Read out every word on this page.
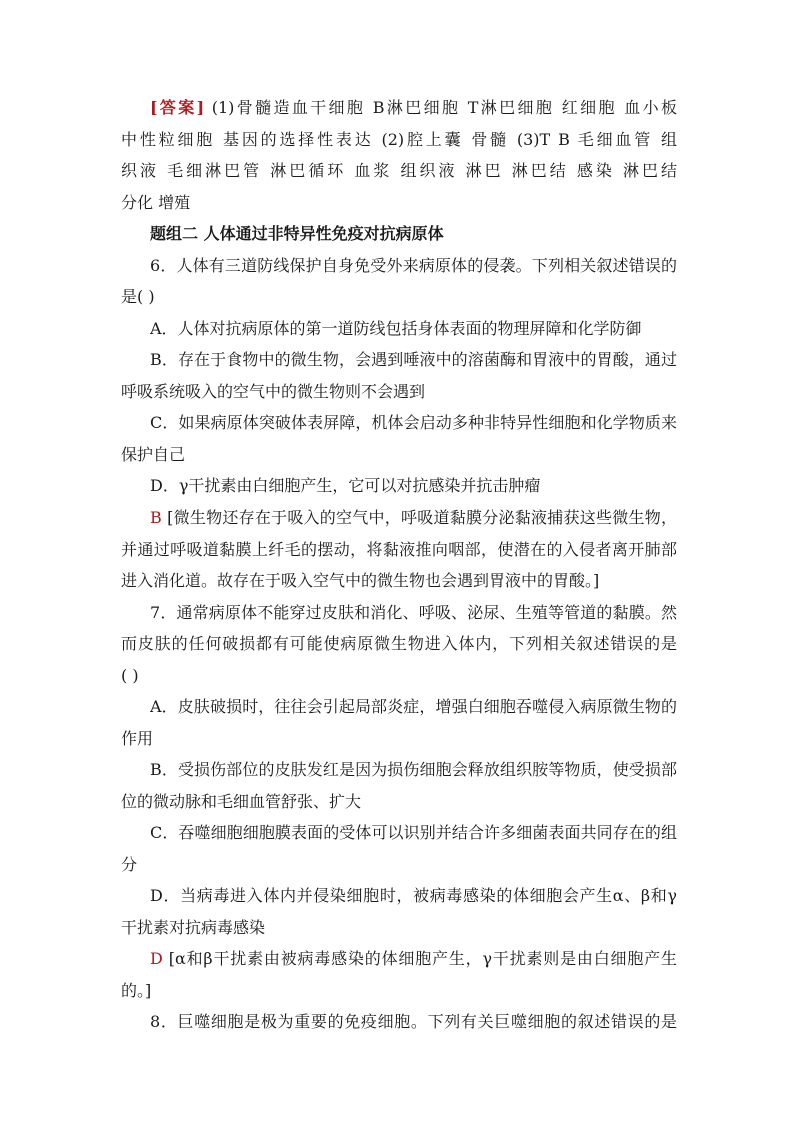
[答案] (1)骨髓造血干细胞 B淋巴细胞 T淋巴细胞 红细胞 血小板
中性粒细胞 基因的选择性表达 (2)腔上囊 骨髓 (3)T B 毛细血管 组
织液 毛细淋巴管 淋巴循环 血浆 组织液 淋巴 淋巴结 感染 淋巴结
分化 增殖
题组二 人体通过非特异性免疫对抗病原体
6．人体有三道防线保护自身免受外来病原体的侵袭。下列相关叙述错误的
是( )
A．人体对抗病原体的第一道防线包括身体表面的物理屏障和化学防御
B．存在于食物中的微生物，会遇到唾液中的溶菌酶和胃液中的胃酸，通过
呼吸系统吸入的空气中的微生物则不会遇到
C．如果病原体突破体表屏障，机体会启动多种非特异性细胞和化学物质来
保护自己
D．γ干扰素由白细胞产生，它可以对抗感染并抗击肿瘤
B [微生物还存在于吸入的空气中，呼吸道黏膜分泌黏液捕获这些微生物，
并通过呼吸道黏膜上纤毛的摆动，将黏液推向咽部，使潜在的入侵者离开肺部
进入消化道。故存在于吸入空气中的微生物也会遇到胃液中的胃酸。]
7．通常病原体不能穿过皮肤和消化、呼吸、泌尿、生殖等管道的黏膜。然
而皮肤的任何破损都有可能使病原微生物进入体内，下列相关叙述错误的是
( )
A．皮肤破损时，往往会引起局部炎症，增强白细胞吞噬侵入病原微生物的
作用
B．受损伤部位的皮肤发红是因为损伤细胞会释放组织胺等物质，使受损部
位的微动脉和毛细血管舒张、扩大
C．吞噬细胞细胞膜表面的受体可以识别并结合许多细菌表面共同存在的组
分
D．当病毒进入体内并侵染细胞时，被病毒感染的体细胞会产生α、β和γ
干扰素对抗病毒感染
D [α和β干扰素由被病毒感染的体细胞产生，γ干扰素则是由白细胞产生
的。]
8．巨噬细胞是极为重要的免疫细胞。下列有关巨噬细胞的叙述错误的是
